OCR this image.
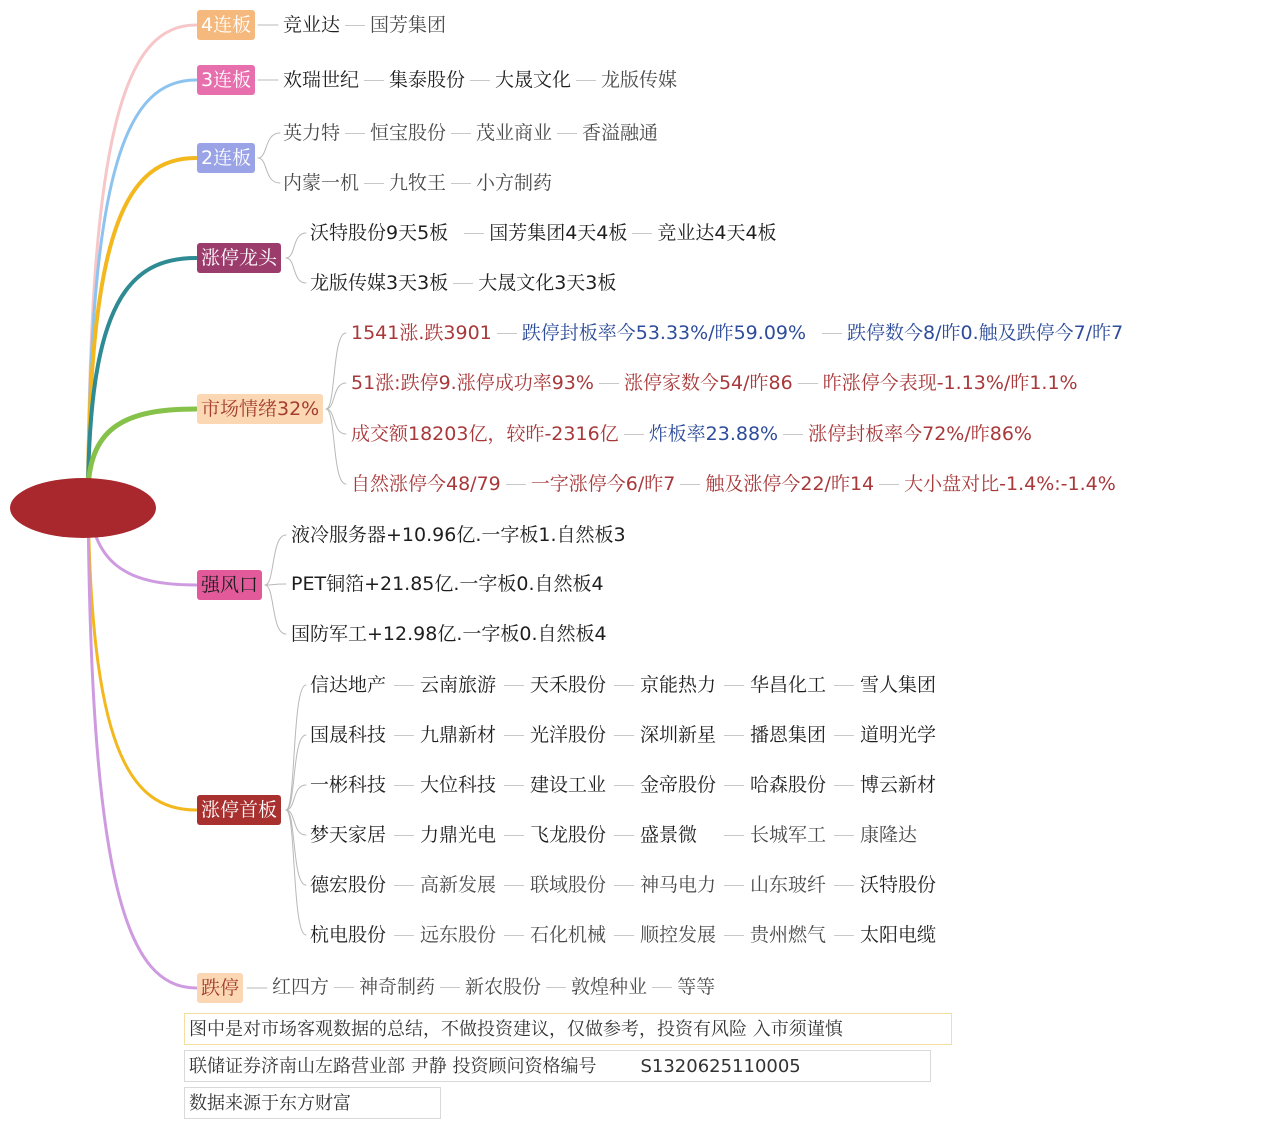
4连板
3连板
2连板
涨停龙头
市场情绪32%
强风口
涨停首板
跌停
竞业达 国芳集团
欢瑞世纪 集泰股份 大晟文化 龙版传媒
英力特 恒宝股份 茂业商业 香溢融通
内蒙一机 九牧王 小方制药
沃特股份9天5板 国芳集团4天4板 竞业达4天4板
龙版传媒3天3板 大晟文化3天3板
1541涨.跌3901 跌停封板率今53.33%/昨59.09% 跌停数今8/昨0.触及跌停今7/昨7
51涨:跌停9.涨停成功率93% 涨停家数今54/昨86 昨涨停今表现-1.13%/昨1.1%
成交额18203亿，较昨-2316亿 炸板率23.88% 涨停封板率今72%/昨86%
自然涨停今48/79 一字涨停今6/昨7 触及涨停今22/昨14 大小盘对比-1.4%:-1.4%
液冷服务器+10.96亿.一字板1.自然板3
PET铜箔+21.85亿.一字板0.自然板4
国防军工+12.98亿.一字板0.自然板4
红四方 神奇制药 新农股份 敦煌种业 等等
图中是对市场客观数据的总结，不做投资建议，仅做参考，投资有风险 入市须谨慎
联储证券济南山左路营业部 尹静 投资顾问资格编号 S1320625110005
数据来源于东方财富
信达地产 云南旅游 天禾股份 京能热力 华昌化工 雪人集团
国晟科技 九鼎新材 光洋股份 深圳新星 播恩集团 道明光学
一彬科技 大位科技 建设工业 金帝股份 哈森股份 博云新材
梦天家居 力鼎光电 飞龙股份 盛景微	长城军工 康隆达
德宏股份 高新发展 联域股份 神马电力 山东玻纤 沃特股份
杭电股份 远东股份 石化机械 顺控发展 贵州燃气 太阳电缆
